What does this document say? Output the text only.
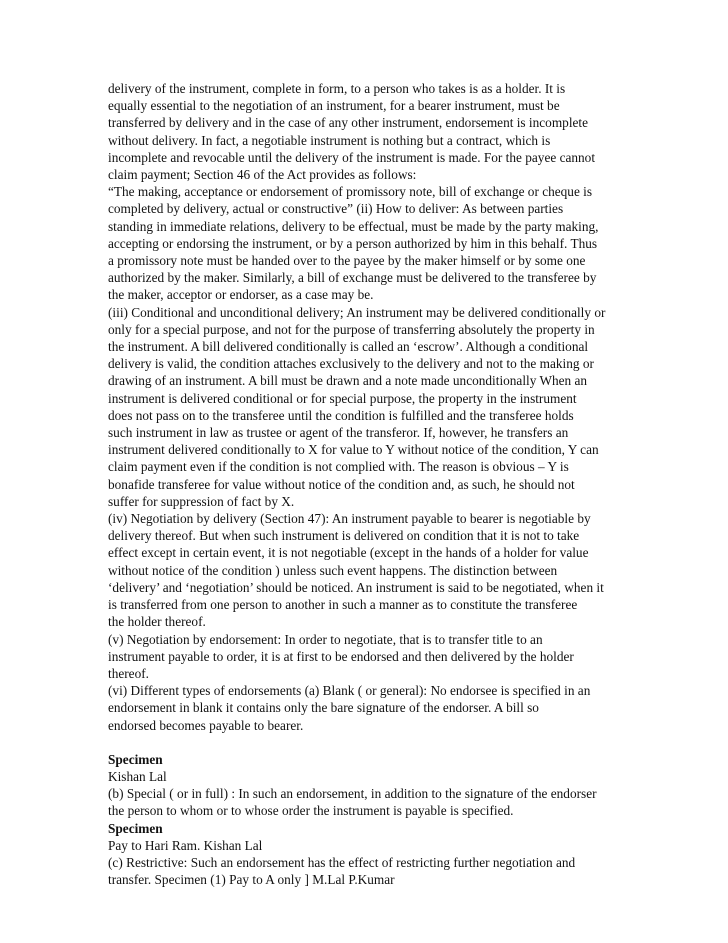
delivery of the instrument, complete in form, to a person who takes is as a holder. It is
equally essential to the negotiation of an instrument, for a bearer instrument, must be
transferred by delivery and in the case of any other instrument, endorsement is incomplete
without delivery. In fact, a negotiable instrument is nothing but a contract, which is
incomplete and revocable until the delivery of the instrument is made. For the payee cannot
claim payment; Section 46 of the Act provides as follows:
“The making, acceptance or endorsement of promissory note, bill of exchange or cheque is
completed by delivery, actual or constructive” (ii) How to deliver: As between parties
standing in immediate relations, delivery to be effectual, must be made by the party making,
accepting or endorsing the instrument, or by a person authorized by him in this behalf. Thus
a promissory note must be handed over to the payee by the maker himself or by some one
authorized by the maker. Similarly, a bill of exchange must be delivered to the transferee by
the maker, acceptor or endorser, as a case may be.
(iii) Conditional and unconditional delivery; An instrument may be delivered conditionally or
only for a special purpose, and not for the purpose of transferring absolutely the property in
the instrument. A bill delivered conditionally is called an ‘escrow’. Although a conditional
delivery is valid, the condition attaches exclusively to the delivery and not to the making or
drawing of an instrument. A bill must be drawn and a note made unconditionally When an
instrument is delivered conditional or for special purpose, the property in the instrument
does not pass on to the transferee until the condition is fulfilled and the transferee holds
such instrument in law as trustee or agent of the transferor. If, however, he transfers an
instrument delivered conditionally to X for value to Y without notice of the condition, Y can
claim payment even if the condition is not complied with. The reason is obvious – Y is
bonafide transferee for value without notice of the condition and, as such, he should not
suffer for suppression of fact by X.
(iv) Negotiation by delivery (Section 47): An instrument payable to bearer is negotiable by
delivery thereof. But when such instrument is delivered on condition that it is not to take
effect except in certain event, it is not negotiable (except in the hands of a holder for value
without notice of the condition ) unless such event happens. The distinction between
‘delivery’ and ‘negotiation’ should be noticed. An instrument is said to be negotiated, when it
is transferred from one person to another in such a manner as to constitute the transferee
the holder thereof.
(v) Negotiation by endorsement: In order to negotiate, that is to transfer title to an
instrument payable to order, it is at first to be endorsed and then delivered by the holder
thereof.
(vi) Different types of endorsements (a) Blank ( or general): No endorsee is specified in an
endorsement in blank it contains only the bare signature of the endorser. A bill so
endorsed becomes payable to bearer.
Specimen
Kishan Lal
(b) Special ( or in full) : In such an endorsement, in addition to the signature of the endorser
the person to whom or to whose order the instrument is payable is specified.
Specimen
Pay to Hari Ram. Kishan Lal
(c) Restrictive: Such an endorsement has the effect of restricting further negotiation and
transfer. Specimen (1) Pay to A only ] M.Lal P.Kumar
